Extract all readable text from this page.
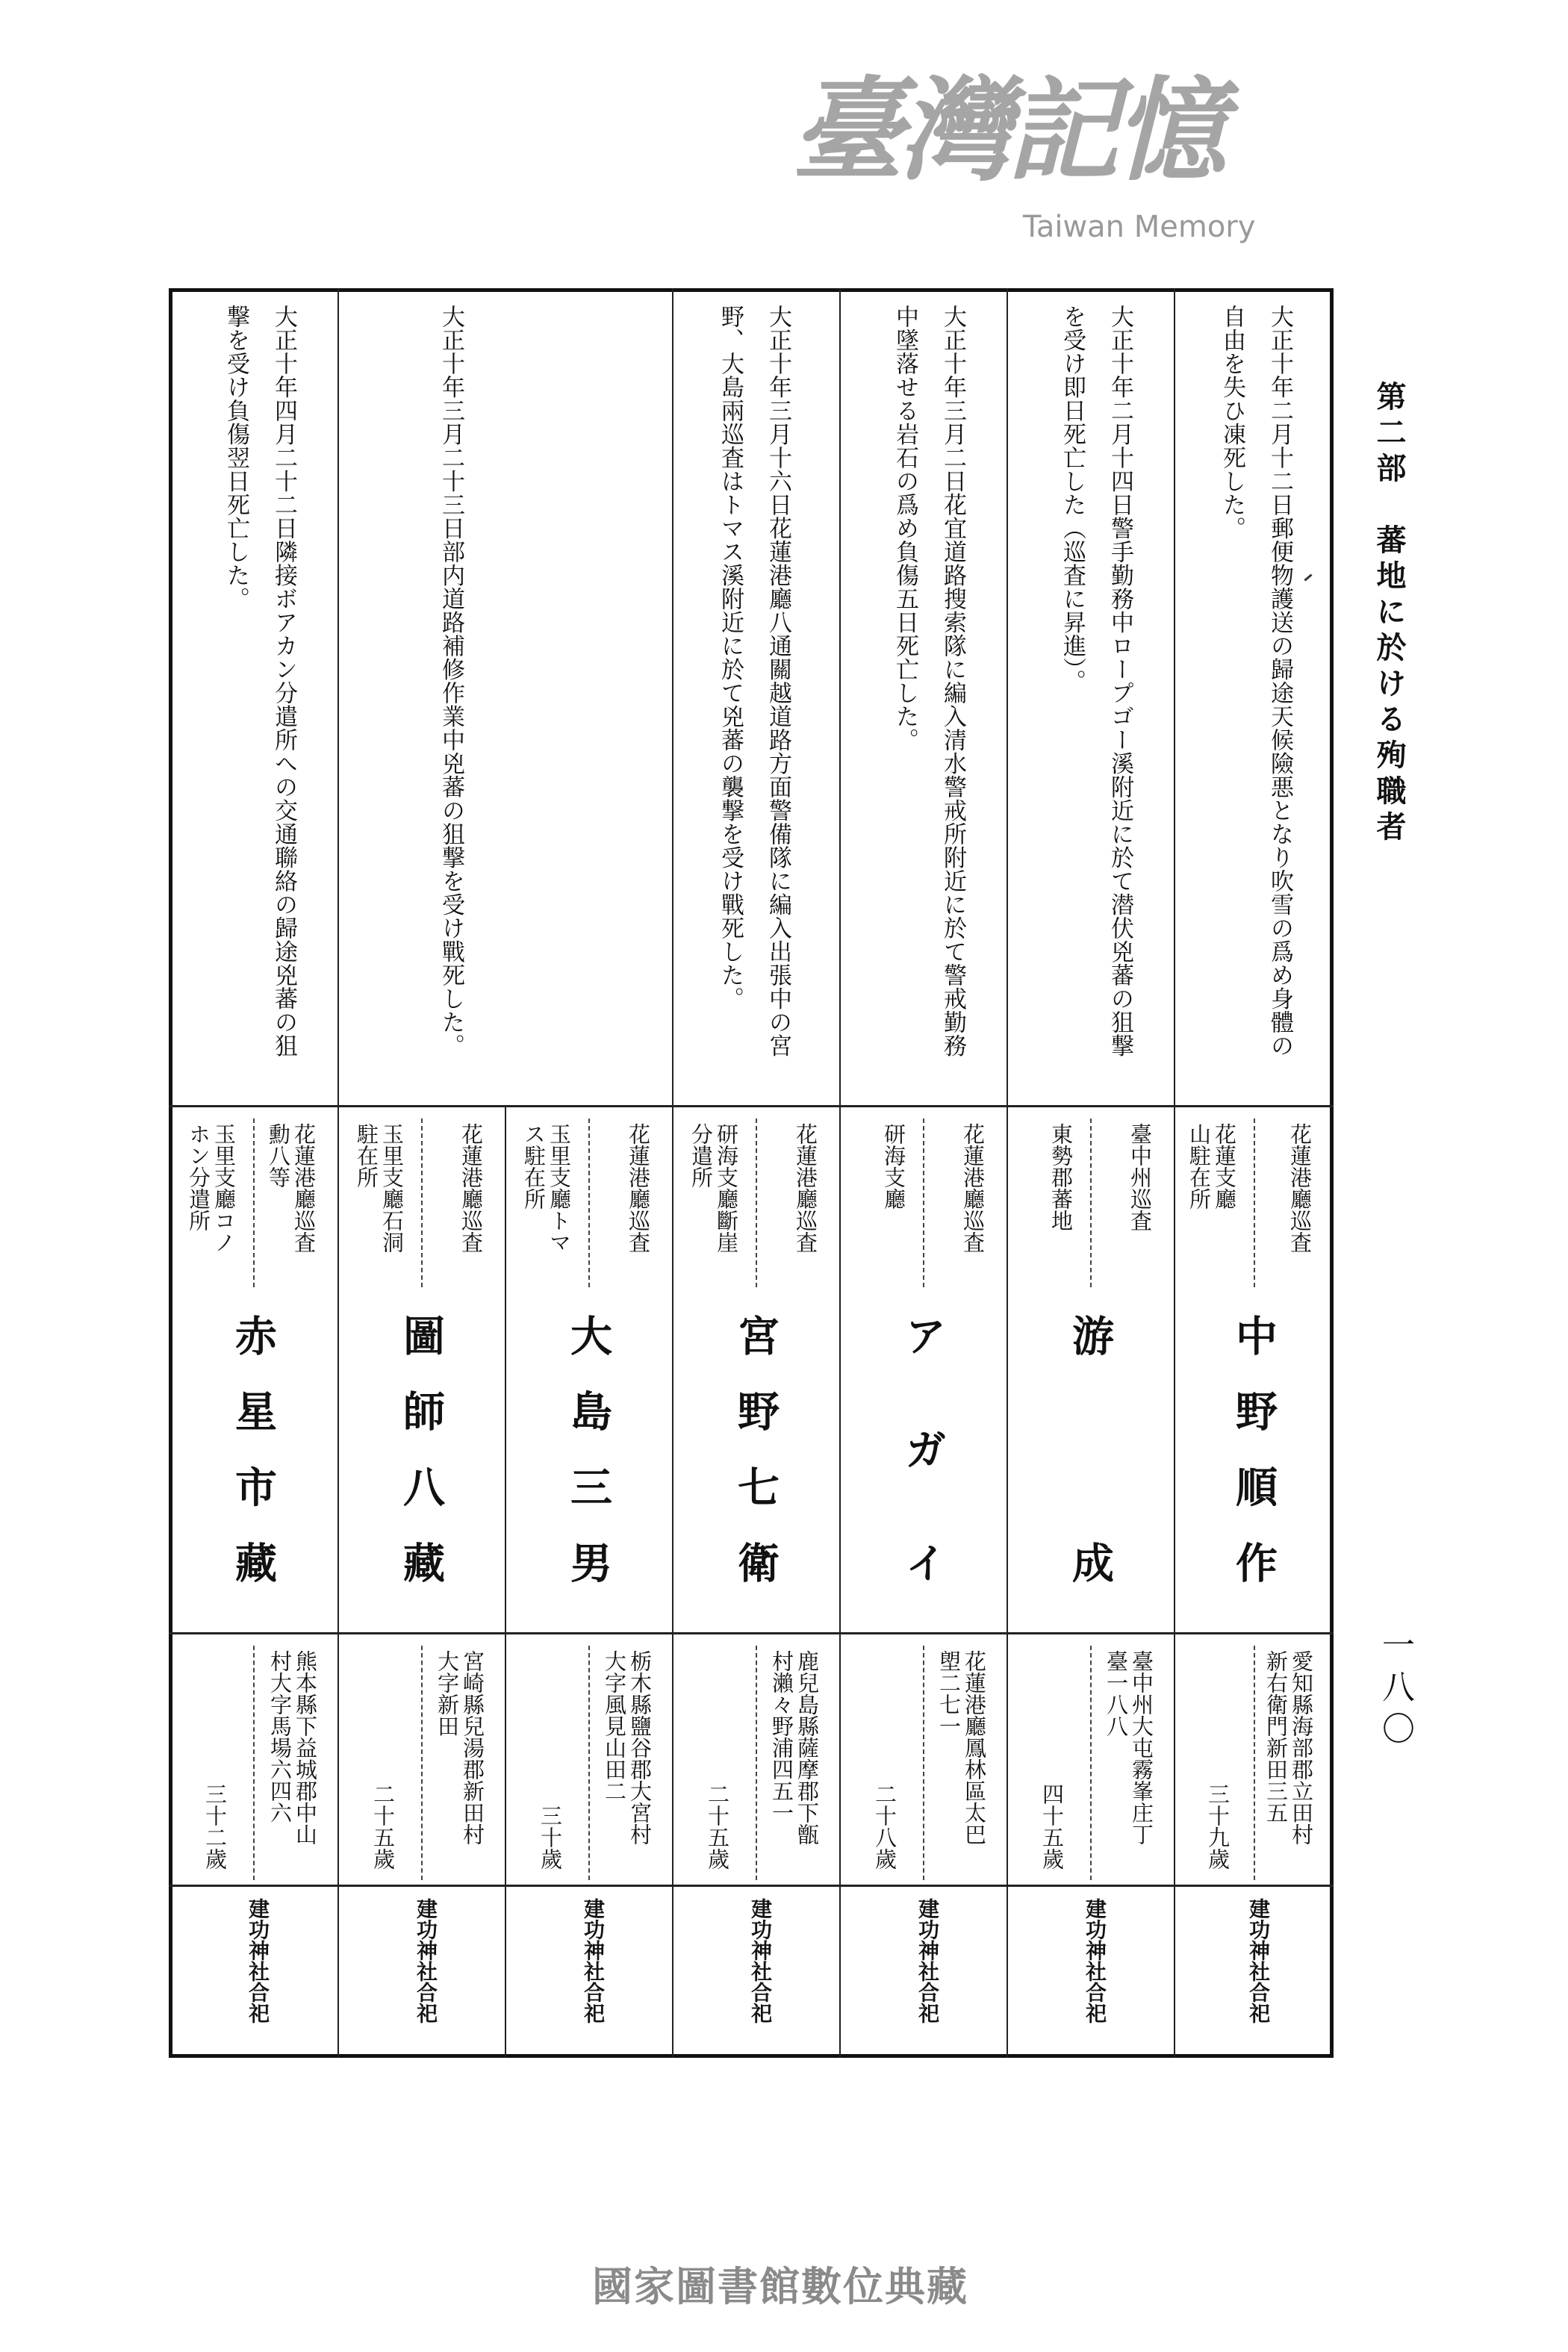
第二部　蕃地に於ける殉職者
一八〇
大正十年二月十二日郵便物護送の歸途天候險悪となり吹雪の爲め身體の
自由を失ひ凍死した。
花蓮港廳巡査
花蓮支廳
山駐在所
中野順作
愛知縣海部郡立田村
新右衛門新田三五
三十九歲
建功神社合祀
大正十年二月十四日警手勤務中ロープゴー溪附近に於て潜伏兇蕃の狙撃
を受け即日死亡した（巡査に昇進）。
臺中州巡査
東勢郡蕃地
游成
臺中州大屯霧峯庄丁
臺一八八
四十五歲
建功神社合祀
大正十年三月二日花宜道路搜索隊に編入清水警戒所附近に於て警戒勤務
中墜落せる岩石の爲め負傷五日死亡した。
花蓮港廳巡査
研海支廳
アガイ
花蓮港廳鳳林區太巴
塱二七一
二十八歲
建功神社合祀
大正十年三月十六日花蓮港廳八通關越道路方面警備隊に編入出張中の宮
野、大島兩巡査はトマス溪附近に於て兇蕃の襲撃を受け戰死した。
花蓮港廳巡査
研海支廳斷崖
分遣所
宮野七衛
鹿兒島縣薩摩郡下甑
村瀨々野浦四五一
二十五歲
建功神社合祀
花蓮港廳巡査
玉里支廳トマ
ス駐在所
大島三男
栃木縣鹽谷郡大宮村
大字風見山田二
三十歲
建功神社合祀
大正十年三月二十三日部内道路補修作業中兇蕃の狙撃を受け戰死した。
花蓮港廳巡査
玉里支廳石洞
駐在所
圖師八藏
宮崎縣兒湯郡新田村
大字新田
二十五歲
建功神社合祀
大正十年四月二十二日隣接ボアカン分遣所への交通聯絡の歸途兇蕃の狙
撃を受け負傷翌日死亡した。
花蓮港廳巡査
勳八等
玉里支廳コノ
ホン分遣所
赤星市藏
熊本縣下益城郡中山
村大字馬場六四六
三十二歲
建功神社合祀
臺灣記憶
Taiwan Memory
國家圖書館數位典藏
